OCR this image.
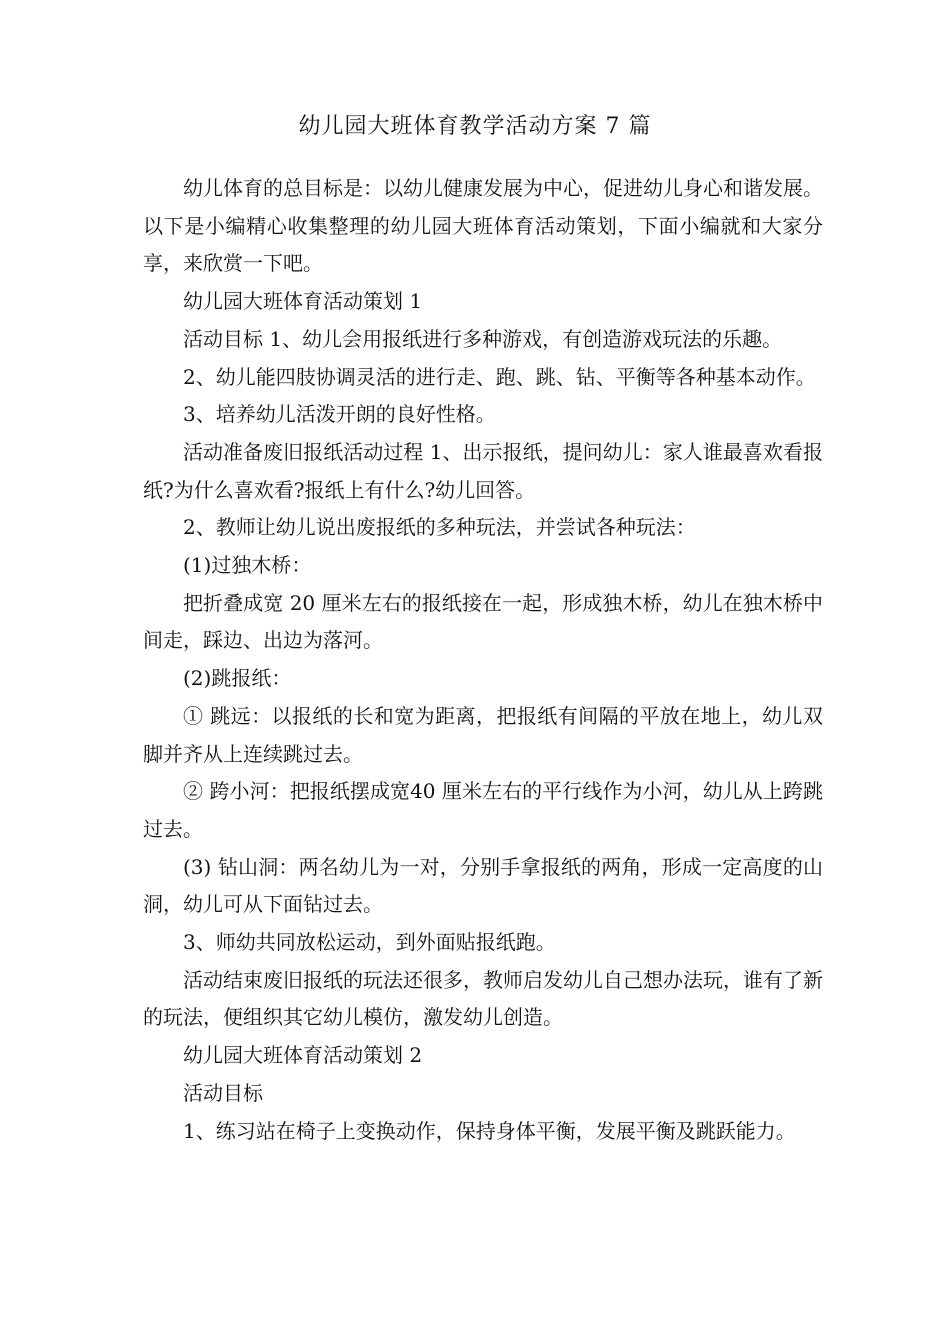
幼儿园大班体育教学活动方案 7 篇

幼儿体育的总目标是：以幼儿健康发展为中心，促进幼儿身心和谐发展。以下是小编精心收集整理的幼儿园大班体育活动策划，下面小编就和大家分享，来欣赏一下吧。

幼儿园大班体育活动策划 1

活动目标 1、幼儿会用报纸进行多种游戏，有创造游戏玩法的乐趣。

2、幼儿能四肢协调灵活的进行走、跑、跳、钻、平衡等各种基本动作。

3、培养幼儿活泼开朗的良好性格。

活动准备废旧报纸活动过程 1、出示报纸，提问幼儿：家人谁最喜欢看报纸?为什么喜欢看?报纸上有什么?幼儿回答。

2、教师让幼儿说出废报纸的多种玩法，并尝试各种玩法：

(1)过独木桥：

把折叠成宽 20 厘米左右的报纸接在一起，形成独木桥，幼儿在独木桥中间走，踩边、出边为落河。

(2)跳报纸：

① 跳远：以报纸的长和宽为距离，把报纸有间隔的平放在地上，幼儿双脚并齐从上连续跳过去。

② 跨小河：把报纸摆成宽40 厘米左右的平行线作为小河，幼儿从上跨跳过去。

(3) 钻山洞：两名幼儿为一对，分别手拿报纸的两角，形成一定高度的山洞，幼儿可从下面钻过去。

3、师幼共同放松运动，到外面贴报纸跑。

活动结束废旧报纸的玩法还很多，教师启发幼儿自己想办法玩，谁有了新的玩法，便组织其它幼儿模仿，激发幼儿创造。

幼儿园大班体育活动策划 2

活动目标

1、练习站在椅子上变换动作，保持身体平衡，发展平衡及跳跃能力。
